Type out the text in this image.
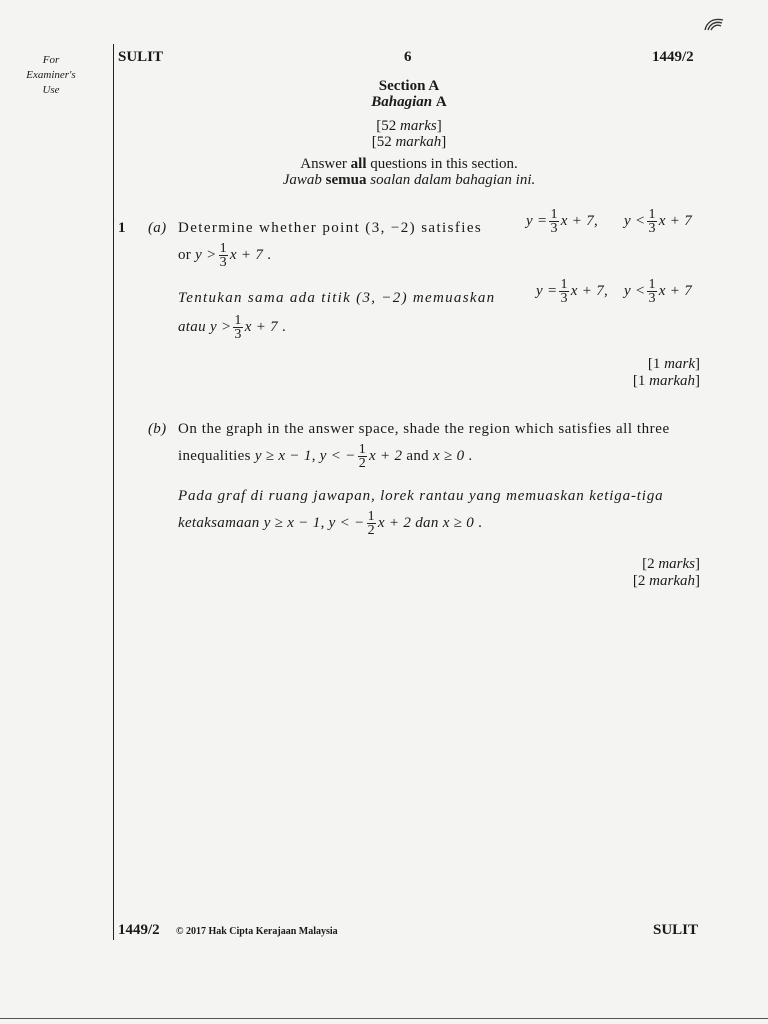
For
Examiner's
Use
SULIT	6	1449/2
Section A
Bahagian A
[52 marks]
[52 markah]
Answer all questions in this section.
Jawab semua soalan dalam bahagian ini.
1 (a) Determine whether point (3, −2) satisfies	$y = \frac{1}{3}$ x + 7, $y < \frac{1}{3}$ x + 7
or $y > \frac{1}{3}$ x + 7 .
Tentukan sama ada titik (3, −2) memuaskan	$y = \frac{1}{3}$ x + 7, $y < \frac{1}{3}$ x + 7
atau $y > \frac{1}{3}$ x + 7 .
[1 mark]
[1 markah]
(b) On the graph in the answer space, shade the region which satisfies all three
inequalities y ≥ x − 1, y < − $\frac{1}{2}$ x + 2 and x ≥ 0 .
Pada graf di ruang jawapan, lorek rantau yang memuaskan ketiga-tiga
ketaksamaan y ≥ x − 1, y < − $\frac{1}{2}$ x + 2 dan x ≥ 0 .
[2 marks]
[2 markah]
1449/2 © 2017 Hak Cipta Kerajaan Malaysia	SULIT
